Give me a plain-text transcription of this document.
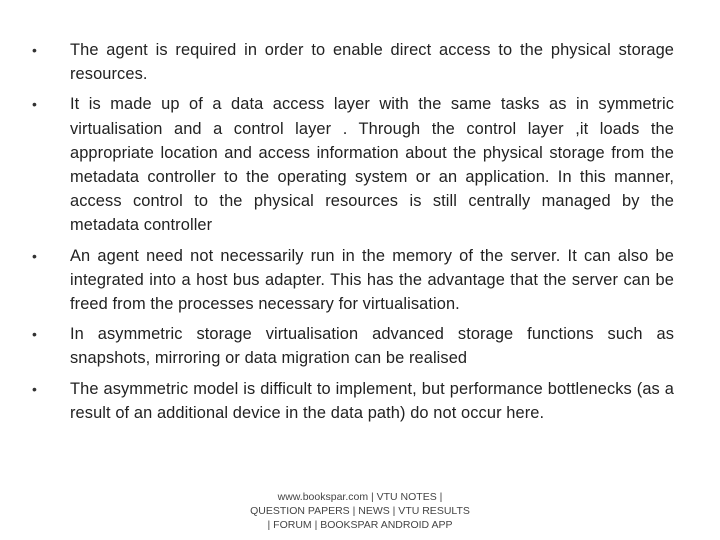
•	The agent is required in order to enable direct access to the physical storage resources.
•	It is made up of a data access layer with the same tasks as in symmetric virtualisation and a control layer . Through the control layer ,it loads the appropriate location and access information about the physical storage from the metadata controller to the operating system or an application. In this manner, access control to the physical resources is still centrally managed by the metadata controller
•	An agent need not necessarily run in the memory of the server. It can also be integrated into a host bus adapter. This has the advantage that the server can be freed from the processes necessary for virtualisation.
•	In asymmetric storage virtualisation advanced storage functions such as snapshots, mirroring or data migration can be realised
•	The asymmetric model is difficult to implement, but performance bottlenecks (as a result of an additional device in the data path) do not occur here.
www.bookspar.com | VTU NOTES |
QUESTION PAPERS | NEWS | VTU RESULTS
| FORUM | BOOKSPAR ANDROID APP
